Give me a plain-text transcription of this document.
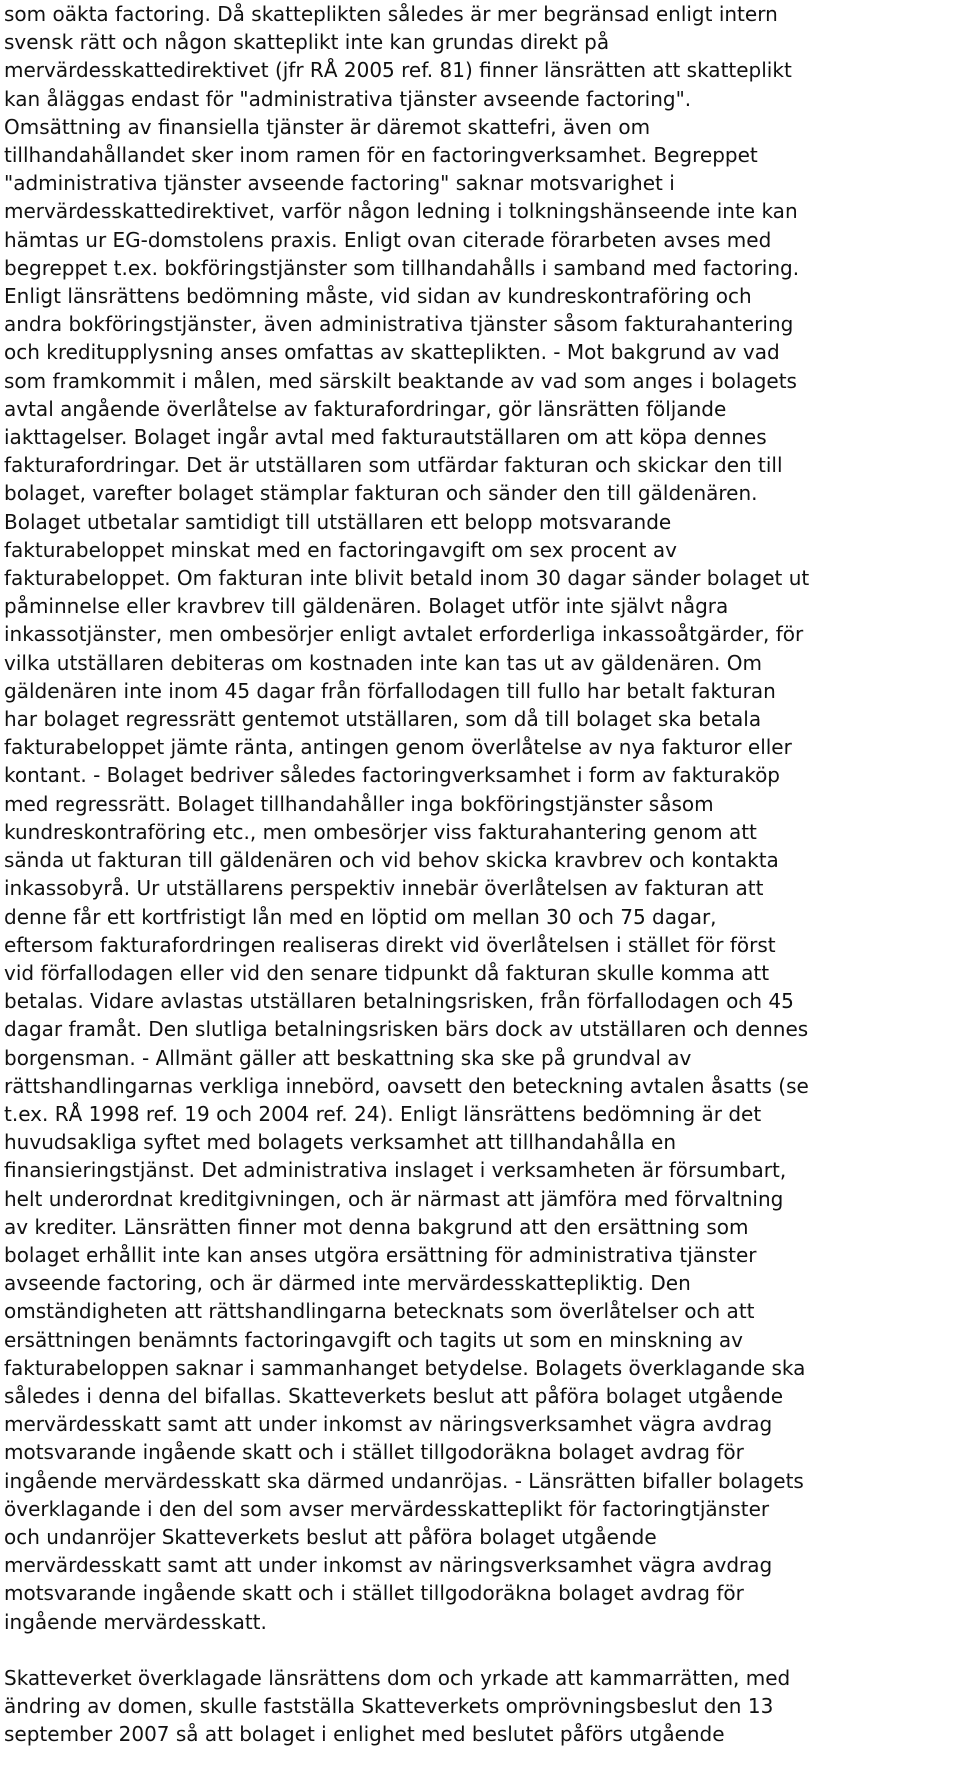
som oäkta factoring. Då skatteplikten således är mer begränsad enligt intern
svensk rätt och någon skatteplikt inte kan grundas direkt på
mervärdesskattedirektivet (jfr RÅ 2005 ref. 81) finner länsrätten att skatteplikt
kan åläggas endast för "administrativa tjänster avseende factoring".
Omsättning av finansiella tjänster är däremot skattefri, även om
tillhandahållandet sker inom ramen för en factoringverksamhet. Begreppet
"administrativa tjänster avseende factoring" saknar motsvarighet i
mervärdesskattedirektivet, varför någon ledning i tolkningshänseende inte kan
hämtas ur EG-domstolens praxis. Enligt ovan citerade förarbeten avses med
begreppet t.ex. bokföringstjänster som tillhandahålls i samband med factoring.
Enligt länsrättens bedömning måste, vid sidan av kundreskontraföring och
andra bokföringstjänster, även administrativa tjänster såsom fakturahantering
och kreditupplysning anses omfattas av skatteplikten. - Mot bakgrund av vad
som framkommit i målen, med särskilt beaktande av vad som anges i bolagets
avtal angående överlåtelse av fakturafordringar, gör länsrätten följande
iakttagelser. Bolaget ingår avtal med fakturautställaren om att köpa dennes
fakturafordringar. Det är utställaren som utfärdar fakturan och skickar den till
bolaget, varefter bolaget stämplar fakturan och sänder den till gäldenären.
Bolaget utbetalar samtidigt till utställaren ett belopp motsvarande
fakturabeloppet minskat med en factoringavgift om sex procent av
fakturabeloppet. Om fakturan inte blivit betald inom 30 dagar sänder bolaget ut
påminnelse eller kravbrev till gäldenären. Bolaget utför inte självt några
inkassotjänster, men ombesörjer enligt avtalet erforderliga inkassoåtgärder, för
vilka utställaren debiteras om kostnaden inte kan tas ut av gäldenären. Om
gäldenären inte inom 45 dagar från förfallodagen till fullo har betalt fakturan
har bolaget regressrätt gentemot utställaren, som då till bolaget ska betala
fakturabeloppet jämte ränta, antingen genom överlåtelse av nya fakturor eller
kontant. - Bolaget bedriver således factoringverksamhet i form av fakturaköp
med regressrätt. Bolaget tillhandahåller inga bokföringstjänster såsom
kundreskontraföring etc., men ombesörjer viss fakturahantering genom att
sända ut fakturan till gäldenären och vid behov skicka kravbrev och kontakta
inkassobyrå. Ur utställarens perspektiv innebär överlåtelsen av fakturan att
denne får ett kortfristigt lån med en löptid om mellan 30 och 75 dagar,
eftersom fakturafordringen realiseras direkt vid överlåtelsen i stället för först
vid förfallodagen eller vid den senare tidpunkt då fakturan skulle komma att
betalas. Vidare avlastas utställaren betalningsrisken, från förfallodagen och 45
dagar framåt. Den slutliga betalningsrisken bärs dock av utställaren och dennes
borgensman. - Allmänt gäller att beskattning ska ske på grundval av
rättshandlingarnas verkliga innebörd, oavsett den beteckning avtalen åsatts (se
t.ex. RÅ 1998 ref. 19 och 2004 ref. 24). Enligt länsrättens bedömning är det
huvudsakliga syftet med bolagets verksamhet att tillhandahålla en
finansieringstjänst. Det administrativa inslaget i verksamheten är försumbart,
helt underordnat kreditgivningen, och är närmast att jämföra med förvaltning
av krediter. Länsrätten finner mot denna bakgrund att den ersättning som
bolaget erhållit inte kan anses utgöra ersättning för administrativa tjänster
avseende factoring, och är därmed inte mervärdesskattepliktig. Den
omständigheten att rättshandlingarna betecknats som överlåtelser och att
ersättningen benämnts factoringavgift och tagits ut som en minskning av
fakturabeloppen saknar i sammanhanget betydelse. Bolagets överklagande ska
således i denna del bifallas. Skatteverkets beslut att påföra bolaget utgående
mervärdesskatt samt att under inkomst av näringsverksamhet vägra avdrag
motsvarande ingående skatt och i stället tillgodoräkna bolaget avdrag för
ingående mervärdesskatt ska därmed undanröjas. - Länsrätten bifaller bolagets
överklagande i den del som avser mervärdesskatteplikt för factoringtjänster
och undanröjer Skatteverkets beslut att påföra bolaget utgående
mervärdesskatt samt att under inkomst av näringsverksamhet vägra avdrag
motsvarande ingående skatt och i stället tillgodoräkna bolaget avdrag för
ingående mervärdesskatt.
Skatteverket överklagade länsrättens dom och yrkade att kammarrätten, med
ändring av domen, skulle fastställa Skatteverkets omprövningsbeslut den 13
september 2007 så att bolaget i enlighet med beslutet påförs utgående
